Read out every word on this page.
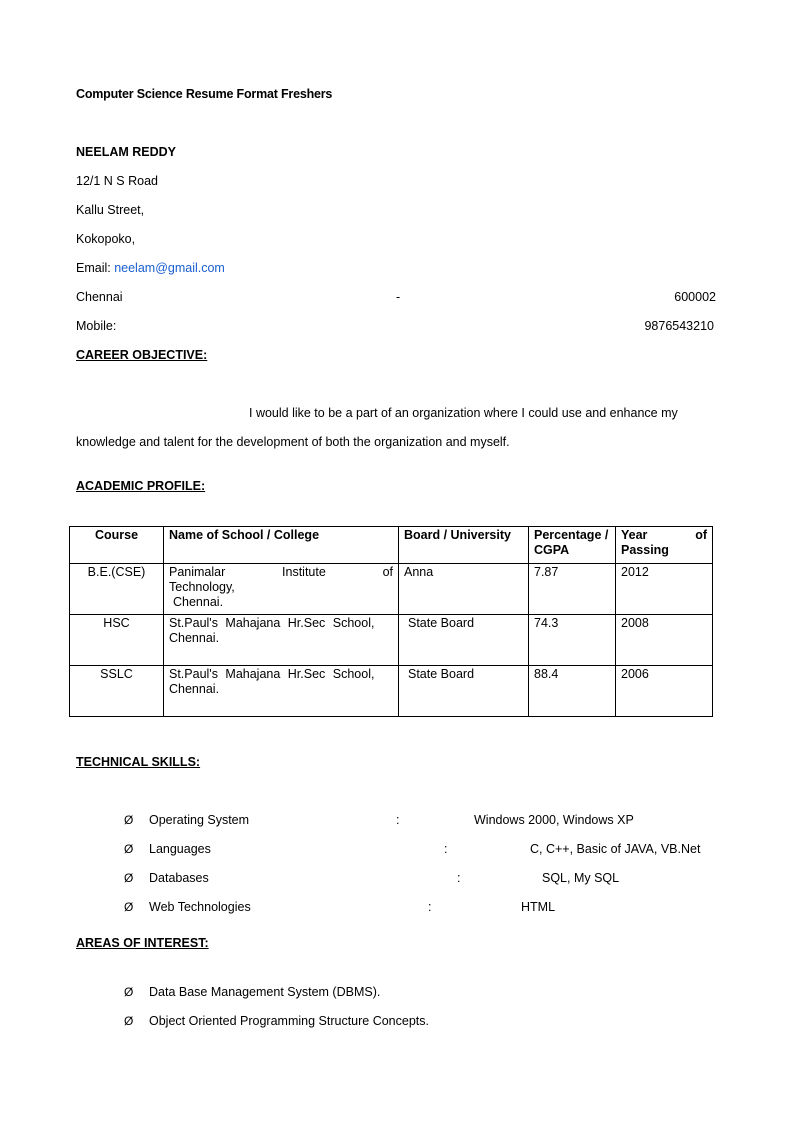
Computer Science Resume Format Freshers
NEELAM REDDY
12/1 N S Road
Kallu Street,
Kokopoko,
Email: neelam@gmail.com
Chennai	-	600002
Mobile:	9876543210
CAREER OBJECTIVE:
I would like to be a part of an organization where I could use and enhance my
knowledge and talent for the development of both the organization and myself.
ACADEMIC PROFILE:
Course	Name of School / College	Board / University	Percentage / CGPA	Year of
Passing

B.E.(CSE)	Panimalar Institute of
Technology,
Chennai.	Anna	7.87	2012
HSC	St.Paul's Mahajana Hr.Sec School,
Chennai.	State Board	74.3	2008
SSLC	St.Paul's Mahajana Hr.Sec School,
Chennai.	State Board	88.4	2006
TECHNICAL SKILLS:
Ø Operating System	:	Windows 2000, Windows XP
Ø Languages	:	C, C++, Basic of JAVA, VB.Net
Ø Databases	:	SQL, My SQL
Ø Web Technologies	:	HTML
AREAS OF INTEREST:
Ø Data Base Management System (DBMS).
Ø Object Oriented Programming Structure Concepts.
